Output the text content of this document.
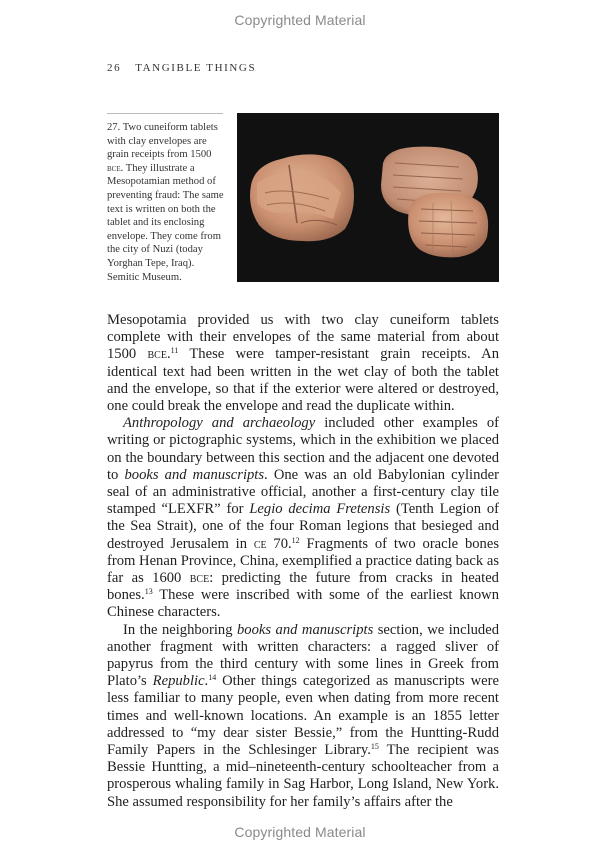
Copyrighted Material
26 TANGIBLE THINGS
27. Two cuneiform tablets with clay envelopes are grain receipts from 1500 bce. They illustrate a Mesopotamian method of preventing fraud: The same text is written on both the tablet and its enclosing envelope. They come from the city of Nuzi (today Yorghan Tepe, Iraq).
Semitic Museum.

Mesopotamia provided us with two clay cuneiform tablets complete with their envelopes of the same material from about 1500 bce.$^{11}$ These were tamper-resistant grain receipts. An identical text had been written in the wet clay of both the tablet and the envelope, so that if the exterior were altered or destroyed, one could break the envelope and read the duplicate within.

Anthropology and archaeology included other examples of writing or pictographic systems, which in the exhibition we placed on the boundary between this section and the adjacent one devoted to books and manuscripts. One was an old Babylonian cylinder seal of an administrative official, another a first-century clay tile stamped “LEXFR” for Legio decima Fretensis (Tenth Legion of the Sea Strait), one of the four Roman legions that besieged and destroyed Jerusalem in ce 70.12 Fragments of two oracle bones from Henan Province, China, exemplified a practice dating back as far as 1600 bce: predicting the future from cracks in heated bones.$^{13}$ These were inscribed with some of the earliest known Chinese characters.

In the neighboring books and manuscripts section, we included another fragment with written characters: a ragged sliver of papyrus from the third century with some lines in Greek from Plato’s Republic.$^{14}$ Other things categorized as manuscripts were less familiar to many people, even when dating from more recent times and well-known locations. An example is an 1855 letter addressed to “my dear sister Bessie,” from the Huntting-Rudd Family Papers in the Schlesinger Library.$^{15}$ The recipient was Bessie Huntting, a mid–nineteenth-century schoolteacher from a prosperous whaling family in Sag Harbor, Long Island, New York. She assumed responsibility for her family’s affairs after the

Copyrighted Material
